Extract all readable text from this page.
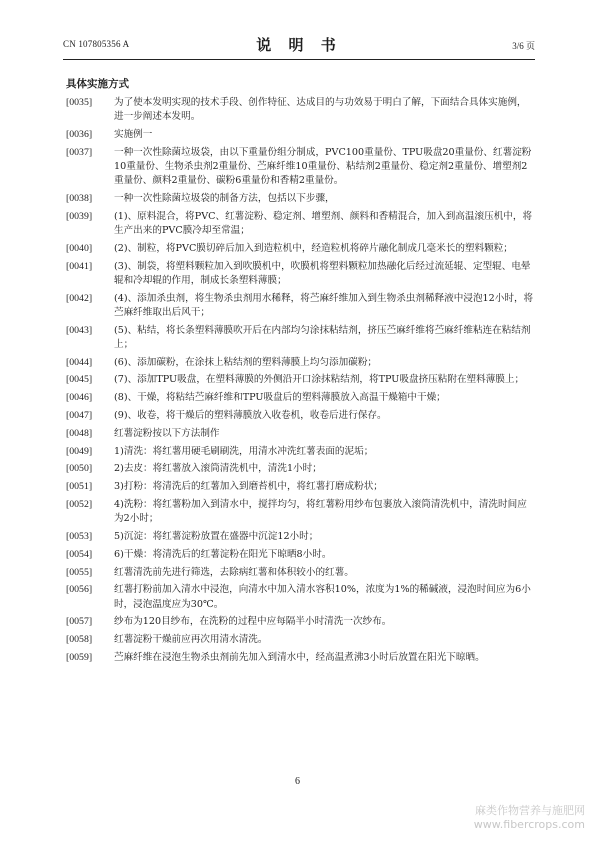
CN 107805356 A	说 明 书	3/6 页
具体实施方式
[0035]	为了使本发明实现的技术手段、创作特征、达成目的与功效易于明白了解，下面结合具体实施例，进一步阐述本发明。
[0036]	实施例一
[0037]	一种一次性除菌垃圾袋，由以下重量份组分制成，PVC100重量份、TPU吸盘20重量份、红薯淀粉10重量份、生物杀虫剂2重量份、苎麻纤维10重量份、粘结剂2重量份、稳定剂2重量份、增塑剂2重量份、颜料2重量份、碳粉6重量份和香精2重量份。
[0038]	一种一次性除菌垃圾袋的制备方法，包括以下步骤，
[0039]	(1)、原料混合，将PVC、红薯淀粉、稳定剂、增塑剂、颜料和香精混合，加入到高温滚压机中，将生产出来的PVC膜冷却至常温；
[0040]	(2)、制粒，将PVC膜切碎后加入到造粒机中，经造粒机将碎片融化制成几毫米长的塑料颗粒；
[0041]	(3)、制袋，将塑料颗粒加入到吹膜机中，吹膜机将塑料颗粒加热融化后经过流延辊、定型辊、电晕辊和冷却辊的作用，制成长条塑料薄膜；
[0042]	(4)、添加杀虫剂，将生物杀虫剂用水稀释，将苎麻纤维加入到生物杀虫剂稀释液中浸泡12小时，将苎麻纤维取出后风干；
[0043]	(5)、粘结，将长条塑料薄膜吹开后在内部均匀涂抹粘结剂，挤压苎麻纤维将苎麻纤维粘连在粘结剂上；
[0044]	(6)、添加碳粉，在涂抹上粘结剂的塑料薄膜上均匀添加碳粉；
[0045]	(7)、添加TPU吸盘，在塑料薄膜的外侧沿开口涂抹粘结剂，将TPU吸盘挤压粘附在塑料薄膜上；
[0046]	(8)、干燥，将粘结苎麻纤维和TPU吸盘后的塑料薄膜放入高温干燥箱中干燥；
[0047]	(9)、收卷，将干燥后的塑料薄膜放入收卷机，收卷后进行保存。
[0048]	红薯淀粉按以下方法制作
[0049]	1)清洗：将红薯用硬毛刷刷洗，用清水冲洗红薯表面的泥垢；
[0050]	2)去皮：将红薯放入滚筒清洗机中，清洗1小时；
[0051]	3)打粉：将清洗后的红薯加入到磨苔机中，将红薯打磨成粉状；
[0052]	4)洗粉：将红薯粉加入到清水中，搅拌均匀，将红薯粉用纱布包裹放入滚筒清洗机中，清洗时间应为2小时；
[0053]	5)沉淀：将红薯淀粉放置在盛器中沉淀12小时；
[0054]	6)干燥：将清洗后的红薯淀粉在阳光下晾晒8小时。
[0055]	红薯清洗前先进行筛选，去除病红薯和体积较小的红薯。
[0056]	红薯打粉前加入清水中浸泡，向清水中加入清水容积10%，浓度为1%的稀碱液，浸泡时间应为6小时，浸泡温度应为30℃。
[0057]	纱布为120目纱布，在洗粉的过程中应每隔半小时清洗一次纱布。
[0058]	红薯淀粉干燥前应再次用清水清洗。
[0059]	苎麻纤维在浸泡生物杀虫剂前先加入到清水中，经高温煮沸3小时后放置在阳光下晾晒。
6
麻类作物营养与施肥网
www.fibercrops.com
